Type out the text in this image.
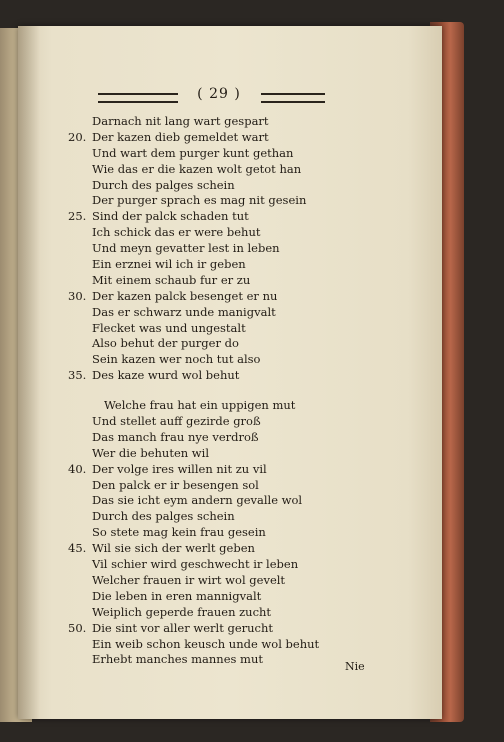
( 29 )
Darnach nit lang wart gespart
20. Der kazen dieb gemeldet wart
Und wart dem purger kunt gethan
Wie das er die kazen wolt getot han
Durch des palges schein
Der purger sprach es mag nit gesein
25. Sind der palck schaden tut
Ich schick das er were behut
Und meyn gevatter lest in leben
Ein erznei wil ich ir geben
Mit einem schaub fur er zu
30. Der kazen palck besenget er nu
Das er schwarz unde manigvalt
Flecket was und ungestalt
Also behut der purger do
Sein kazen wer noch tut also
35. Des kaze wurd wol behut
Welche frau hat ein uppigen mut
Und stellet auff gezirde groß
Das manch frau nye verdroß
Wer die behuten wil
40. Der volge ires willen nit zu vil
Den palck er ir besengen sol
Das sie icht eym andern gevalle wol
Durch des palges schein
So stete mag kein frau gesein
45. Wil sie sich der werlt geben
Vil schier wird geschwecht ir leben
Welcher frauen ir wirt wol gevelt
Die leben in eren mannigvalt
Weiplich geperde frauen zucht
50. Die sint vor aller werlt gerucht
Ein weib schon keusch unde wol behut
Erhebt manches mannes mut
Nie
